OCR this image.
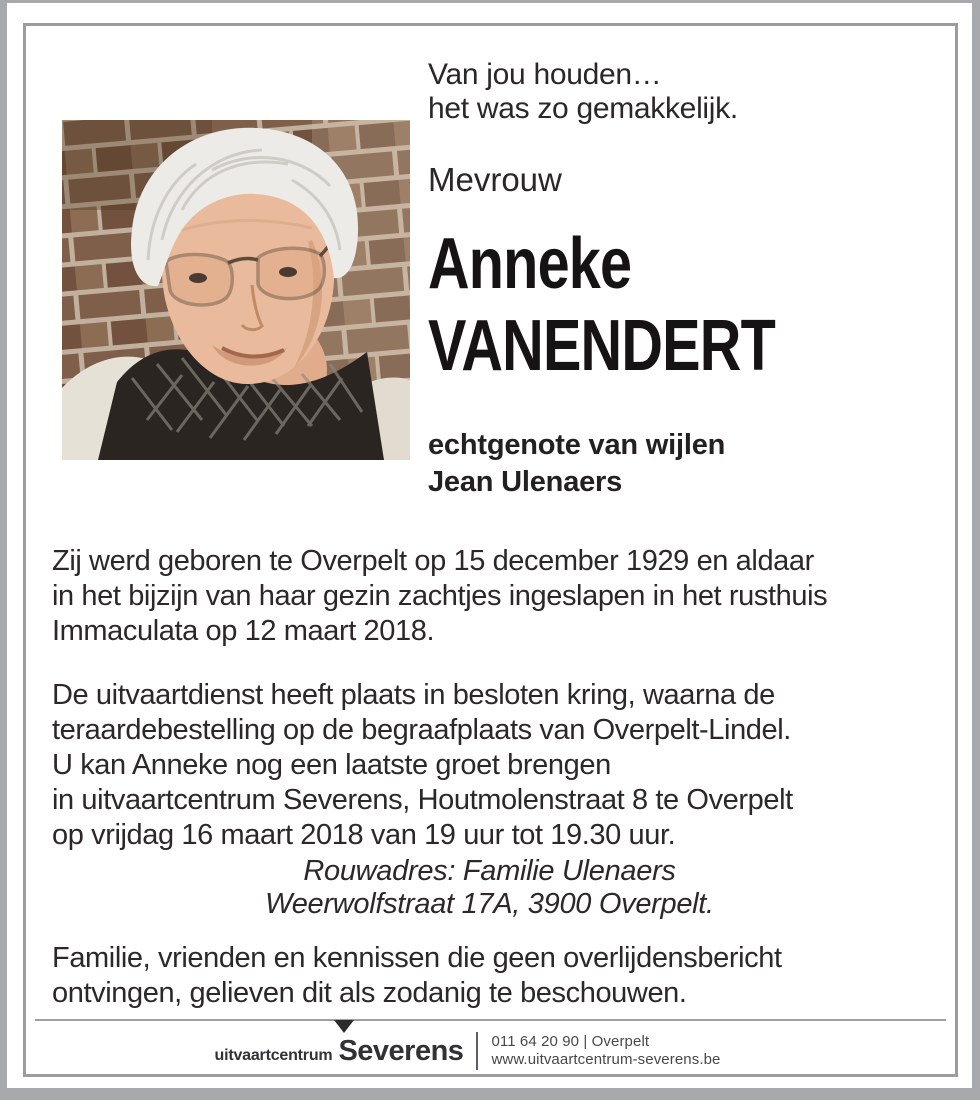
Van jou houden…
het was zo gemakkelijk.
Mevrouw
Anneke
VANENDERT
echtgenote van wijlen
Jean Ulenaers
Zij werd geboren te Overpelt op 15 december 1929 en aldaar
in het bijzijn van haar gezin zachtjes ingeslapen in het rusthuis
Immaculata op 12 maart 2018.
De uitvaartdienst heeft plaats in besloten kring, waarna de
teraardebestelling op de begraafplaats van Overpelt-Lindel.
U kan Anneke nog een laatste groet brengen
in uitvaartcentrum Severens, Houtmolenstraat 8 te Overpelt
op vrijdag 16 maart 2018 van 19 uur tot 19.30 uur.
Rouwadres: Familie Ulenaers
Weerwolfstraat 17A, 3900 Overpelt.
Familie, vrienden en kennissen die geen overlijdensbericht
ontvingen, gelieven dit als zodanig te beschouwen.
uitvaartcentrum Severens 011 64 20 90 | Overpelt
www.uitvaartcentrum-severens.be
